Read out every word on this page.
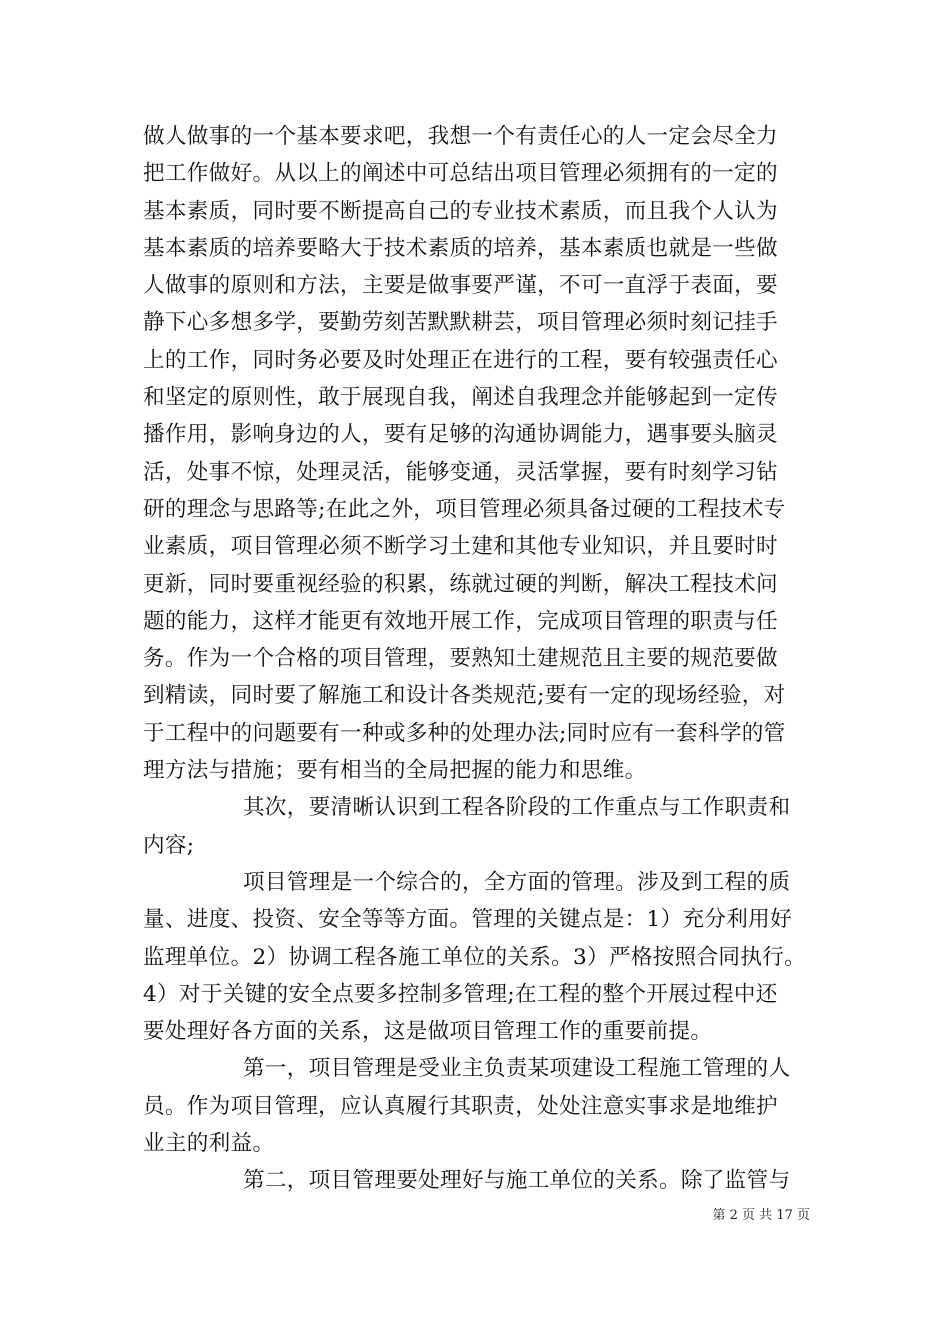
做人做事的一个基本要求吧，我想一个有责任心的人一定会尽全力
把工作做好。从以上的阐述中可总结出项目管理必须拥有的一定的
基本素质，同时要不断提高自己的专业技术素质，而且我个人认为
基本素质的培养要略大于技术素质的培养，基本素质也就是一些做
人做事的原则和方法，主要是做事要严谨，不可一直浮于表面，要
静下心多想多学，要勤劳刻苦默默耕芸，项目管理必须时刻记挂手
上的工作，同时务必要及时处理正在进行的工程，要有较强责任心
和坚定的原则性，敢于展现自我，阐述自我理念并能够起到一定传
播作用，影响身边的人，要有足够的沟通协调能力，遇事要头脑灵
活，处事不惊，处理灵活，能够变通，灵活掌握，要有时刻学习钻
研的理念与思路等;在此之外，项目管理必须具备过硬的工程技术专
业素质，项目管理必须不断学习土建和其他专业知识，并且要时时
更新，同时要重视经验的积累，练就过硬的判断，解决工程技术问
题的能力，这样才能更有效地开展工作，完成项目管理的职责与任
务。作为一个合格的项目管理，要熟知土建规范且主要的规范要做
到精读，同时要了解施工和设计各类规范;要有一定的现场经验，对
于工程中的问题要有一种或多种的处理办法;同时应有一套科学的管
理方法与措施；要有相当的全局把握的能力和思维。
其次，要清晰认识到工程各阶段的工作重点与工作职责和
内容;
项目管理是一个综合的，全方面的管理。涉及到工程的质
量、进度、投资、安全等等方面。管理的关键点是：1）充分利用好
监理单位。2）协调工程各施工单位的关系。3）严格按照合同执行。
4）对于关键的安全点要多控制多管理;在工程的整个开展过程中还
要处理好各方面的关系，这是做项目管理工作的重要前提。
第一，项目管理是受业主负责某项建设工程施工管理的人
员。作为项目管理，应认真履行其职责，处处注意实事求是地维护
业主的利益。
第二，项目管理要处理好与施工单位的关系。除了监管与
第 2 页 共 17 页
